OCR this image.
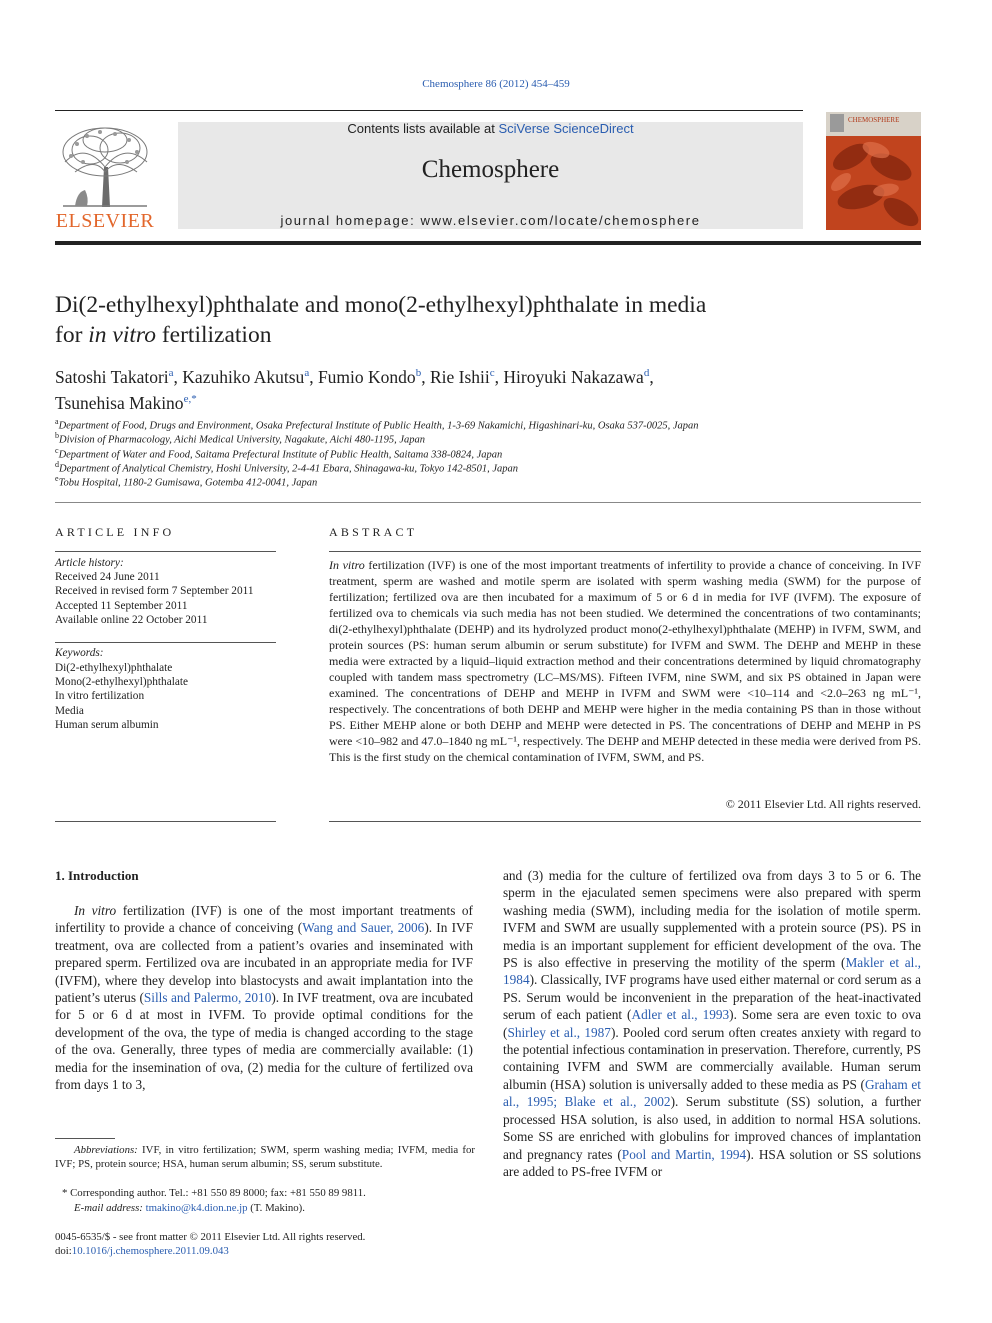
Chemosphere 86 (2012) 454–459
ELSEVIER
Contents lists available at SciVerse ScienceDirect
Chemosphere
journal homepage: www.elsevier.com/locate/chemosphere
CHEMOSPHERE
Di(2-ethylhexyl)phthalate and mono(2-ethylhexyl)phthalate in media
for in vitro fertilization
Satoshi Takatori$^a$, Kazuhiko Akutsu$^a$, Fumio Kondo$^b$, Rie Ishii$^c$, Hiroyuki Nakazawa$^d$,
Tsunehisa Makino$^{e,*}$
$^a$Department of Food, Drugs and Environment, Osaka Prefectural Institute of Public Health, 1-3-69 Nakamichi, Higashinari-ku, Osaka 537-0025, Japan
$^b$Division of Pharmacology, Aichi Medical University, Nagakute, Aichi 480-1195, Japan
$^c$Department of Water and Food, Saitama Prefectural Institute of Public Health, Saitama 338-0824, Japan
$^d$Department of Analytical Chemistry, Hoshi University, 2-4-41 Ebara, Shinagawa-ku, Tokyo 142-8501, Japan
$^e$Tobu Hospital, 1180-2 Gumisawa, Gotemba 412-0041, Japan
ARTICLE INFO
Article history:
Received 24 June 2011
Received in revised form 7 September 2011
Accepted 11 September 2011
Available online 22 October 2011
Keywords:
Di(2-ethylhexyl)phthalate
Mono(2-ethylhexyl)phthalate
In vitro fertilization
Media
Human serum albumin
ABSTRACT

In vitro fertilization (IVF) is one of the most important treatments of infertility to provide a chance of conceiving. In IVF treatment, sperm are washed and motile sperm are isolated with sperm washing media (SWM) for the purpose of fertilization; fertilized ova are then incubated for a maximum of 5 or 6 d in media for IVF (IVFM). The exposure of fertilized ova to chemicals via such media has not been studied. We determined the concentrations of two contaminants; di(2-ethylhexyl)phthalate (DEHP) and its hydrolyzed product mono(2-ethylhexyl)phthalate (MEHP) in IVFM, SWM, and protein sources (PS: human serum albumin or serum substitute) for IVFM and SWM. The DEHP and MEHP in these media were extracted by a liquid–liquid extraction method and their concentrations determined by liquid chromatography coupled with tandem mass spectrometry (LC–MS/MS). Fifteen IVFM, nine SWM, and six PS obtained in Japan were examined. The concentrations of DEHP and MEHP in IVFM and SWM were <10–114 and <2.0–263 ng mL⁻¹, respectively. The concentrations of both DEHP and MEHP were higher in the media containing PS than in those without PS. Either MEHP alone or both DEHP and MEHP were detected in PS. The concentrations of DEHP and MEHP in PS were <10–982 and 47.0–1840 ng mL⁻¹, respectively. The DEHP and MEHP detected in these media were derived from PS. This is the first study on the chemical contamination of IVFM, SWM, and PS.

© 2011 Elsevier Ltd. All rights reserved.
1. Introduction

In vitro fertilization (IVF) is one of the most important treatments of infertility to provide a chance of conceiving (Wang and Sauer, 2006). In IVF treatment, ova are collected from a patient’s ovaries and inseminated with prepared sperm. Fertilized ova are incubated in an appropriate media for IVF (IVFM), where they develop into blastocysts and await implantation into the patient’s uterus (Sills and Palermo, 2010). In IVF treatment, ova are incubated for 5 or 6 d at most in IVFM. To provide optimal conditions for the development of the ova, the type of media is changed according to the stage of the ova. Generally, three types of media are commercially available: (1) media for the insemination of ova, (2) media for the culture of fertilized ova from days 1 to 3,

and (3) media for the culture of fertilized ova from days 3 to 5 or 6. The sperm in the ejaculated semen specimens were also prepared with sperm washing media (SWM), including media for the isolation of motile sperm. IVFM and SWM are usually supplemented with a protein source (PS). PS in media is an important supplement for efficient development of the ova. The PS is also effective in preserving the motility of the sperm (Makler et al., 1984). Classically, IVF programs have used either maternal or cord serum as a PS. Serum would be inconvenient in the preparation of the heat-inactivated serum of each patient (Adler et al., 1993). Some sera are even toxic to ova (Shirley et al., 1987). Pooled cord serum often creates anxiety with regard to the potential infectious contamination in preservation. Therefore, currently, PS containing IVFM and SWM are commercially available. Human serum albumin (HSA) solution is universally added to these media as PS (Graham et al., 1995; Blake et al., 2002). Serum substitute (SS) solution, a further processed HSA solution, is also used, in addition to normal HSA solutions. Some SS are enriched with globulins for improved chances of implantation and pregnancy rates (Pool and Martin, 1994). HSA solution or SS solutions are added to PS-free IVFM or

Abbreviations: IVF, in vitro fertilization; SWM, sperm washing media; IVFM, media for IVF; PS, protein source; HSA, human serum albumin; SS, serum substitute.
* Corresponding author. Tel.: +81 550 89 8000; fax: +81 550 89 9811.
E-mail address: tmakino@k4.dion.ne.jp (T. Makino).
0045-6535/$ - see front matter © 2011 Elsevier Ltd. All rights reserved.
doi:10.1016/j.chemosphere.2011.09.043
